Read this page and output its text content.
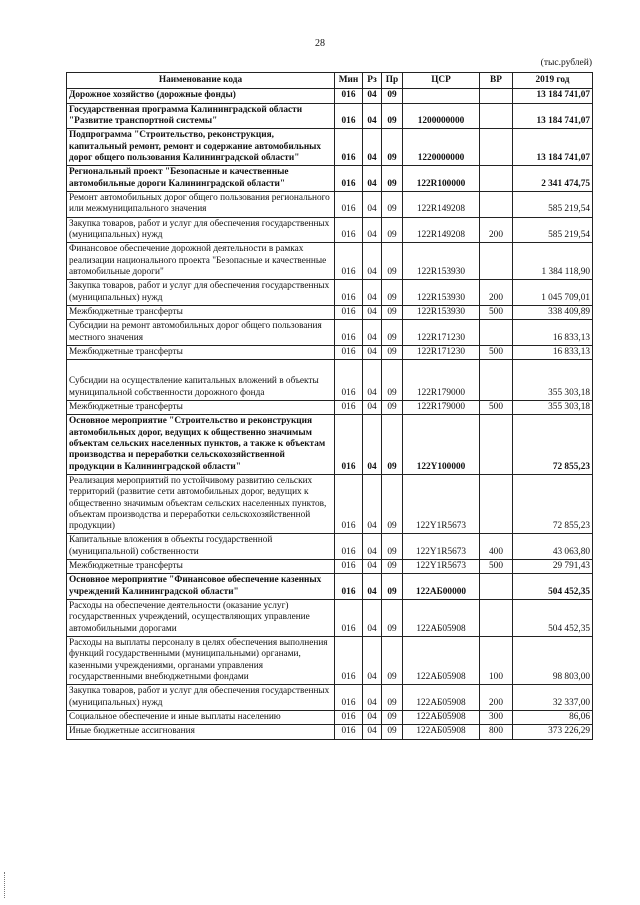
28
(тыс.рублей)
Наименование кода	Мин	Рз	Пр	ЦСР	ВР	2019 год
Дорожное хозяйство (дорожные фонды)	016	04	09			13 184 741,07
Государственная программа Калининградской области "Развитие транспортной системы"	016	04	09	1200000000		13 184 741,07
Подпрограмма "Строительство, реконструкция, капитальный ремонт, ремонт и содержание автомобильных дорог общего пользования Калининградской области"	016	04	09	1220000000		13 184 741,07
Региональный проект "Безопасные и качественные автомобильные дороги Калининградской области"	016	04	09	122R100000		2 341 474,75
Ремонт автомобильных дорог общего пользования регионального или межмуниципального значения	016	04	09	122R149208		585 219,54
Закупка товаров, работ и услуг для обеспечения государственных (муниципальных) нужд	016	04	09	122R149208	200	585 219,54
Финансовое обеспечение дорожной деятельности в рамках реализации национального проекта "Безопасные и качественные автомобильные дороги"	016	04	09	122R153930		1 384 118,90
Закупка товаров, работ и услуг для обеспечения государственных (муниципальных) нужд	016	04	09	122R153930	200	1 045 709,01
Межбюджетные трансферты	016	04	09	122R153930	500	338 409,89
Субсидии на ремонт автомобильных дорог общего пользования местного значения	016	04	09	122R171230		16 833,13
Межбюджетные трансферты	016	04	09	122R171230	500	16 833,13
Субсидии на осуществление капитальных вложений в объекты муниципальной собственности дорожного фонда	016	04	09	122R179000		355 303,18
Межбюджетные трансферты	016	04	09	122R179000	500	355 303,18
Основное мероприятие "Строительство и реконструкция автомобильных дорог, ведущих к общественно значимым объектам сельских населенных пунктов, а также к объектам производства и переработки сельскохозяйственной продукции в Калининградской области"	016	04	09	122Y100000		72 855,23
Реализация мероприятий по устойчивому развитию сельских территорий (развитие сети автомобильных дорог, ведущих к общественно значимым объектам сельских населенных пунктов, объектам производства и переработки сельскохозяйственной продукции)	016	04	09	122Y1R5673		72 855,23
Капитальные вложения в объекты государственной (муниципальной) собственности	016	04	09	122Y1R5673	400	43 063,80
Межбюджетные трансферты	016	04	09	122Y1R5673	500	29 791,43
Основное мероприятие "Финансовое обеспечение казенных учреждений Калининградской области"	016	04	09	122АБ00000		504 452,35
Расходы на обеспечение деятельности (оказание услуг) государственных учреждений, осуществляющих управление автомобильными дорогами	016	04	09	122АБ05908		504 452,35
Расходы на выплаты персоналу в целях обеспечения выполнения функций государственными (муниципальными) органами, казенными учреждениями, органами управления государственными внебюджетными фондами	016	04	09	122АБ05908	100	98 803,00
Закупка товаров, работ и услуг для обеспечения государственных (муниципальных) нужд	016	04	09	122АБ05908	200	32 337,00
Социальное обеспечение и иные выплаты населению	016	04	09	122АБ05908	300	86,06
Иные бюджетные ассигнования	016	04	09	122АБ05908	800	373 226,29
